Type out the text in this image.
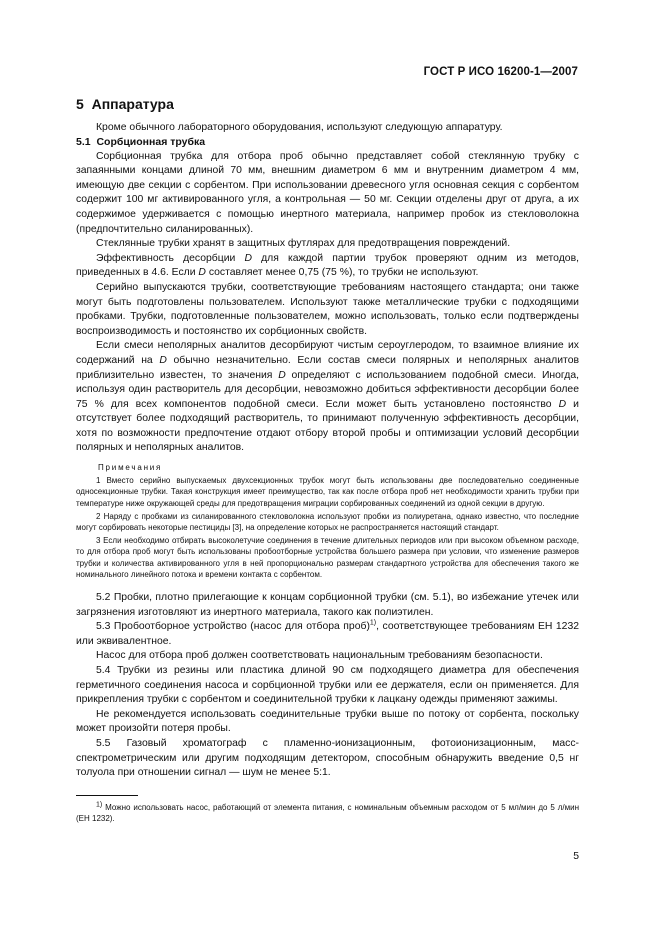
ГОСТ Р ИСО 16200-1—2007
5 Аппаратура

Кроме обычного лабораторного оборудования, используют следующую аппаратуру.

5.1 Сорбционная трубка

Сорбционная трубка для отбора проб обычно представляет собой стеклянную трубку с запаянными концами длиной 70 мм, внешним диаметром 6 мм и внутренним диаметром 4 мм, имеющую две секции с сорбентом. При использовании древесного угля основная секция с сорбентом содержит 100 мг активированного угля, а контрольная — 50 мг. Секции отделены друг от друга, а их содержимое удерживается с помощью инертного материала, например пробок из стекловолокна (предпочтительно силанированных).

Стеклянные трубки хранят в защитных футлярах для предотвращения повреждений.

Эффективность десорбции D для каждой партии трубок проверяют одним из методов, приведенных в 4.6. Если D составляет менее 0,75 (75 %), то трубки не используют.

Серийно выпускаются трубки, соответствующие требованиям настоящего стандарта; они также могут быть подготовлены пользователем. Используют также металлические трубки с подходящими пробками. Трубки, подготовленные пользователем, можно использовать, только если подтверждены воспроизводимость и постоянство их сорбционных свойств.

Если смеси неполярных аналитов десорбируют чистым сероуглеродом, то взаимное влияние их содержаний на D обычно незначительно. Если состав смеси полярных и неполярных аналитов приблизительно известен, то значения D определяют с использованием подобной смеси. Иногда, используя один растворитель для десорбции, невозможно добиться эффективности десорбции более 75 % для всех компонентов подобной смеси. Если может быть установлено постоянство D и отсутствует более подходящий растворитель, то принимают полученную эффективность десорбции, хотя по возможности предпочтение отдают отбору второй пробы и оптимизации условий десорбции полярных и неполярных аналитов.

Примечания

1 Вместо серийно выпускаемых двухсекционных трубок могут быть использованы две последовательно соединенные односекционные трубки. Такая конструкция имеет преимущество, так как после отбора проб нет необходимости хранить трубки при температуре ниже окружающей среды для предотвращения миграции сорбированных соединений из одной секции в другую.

2 Наряду с пробками из силанированного стекловолокна используют пробки из полиуретана, однако известно, что последние могут сорбировать некоторые пестициды [3], на определение которых не распространяется настоящий стандарт.

3 Если необходимо отбирать высоколетучие соединения в течение длительных периодов или при высоком объемном расходе, то для отбора проб могут быть использованы пробоотборные устройства большего размера при условии, что изменение размеров трубки и количества активированного угля в ней пропорционально размерам стандартного устройства для обеспечения такого же номинального линейного потока и времени контакта с сорбентом.

5.2 Пробки, плотно прилегающие к концам сорбционной трубки (см. 5.1), во избежание утечек или загрязнения изготовляют из инертного материала, такого как полиэтилен.

5.3 Пробоотборное устройство (насос для отбора проб)$^{1)}$, соответствующее требованиям ЕН 1232 или эквивалентное.

Насос для отбора проб должен соответствовать национальным требованиям безопасности.

5.4 Трубки из резины или пластика длиной 90 см подходящего диаметра для обеспечения герметичного соединения насоса и сорбционной трубки или ее держателя, если он применяется. Для прикрепления трубки с сорбентом и соединительной трубки к лацкану одежды применяют зажимы.

Не рекомендуется использовать соединительные трубки выше по потоку от сорбента, поскольку может произойти потеря пробы.

5.5 Газовый хроматограф с пламенно-ионизационным, фотоионизационным, масс-спектрометрическим или другим подходящим детектором, способным обнаружить введение 0,5 нг толуола при отношении сигнал — шум не менее 5:1.

1) Можно использовать насос, работающий от элемента питания, с номинальным объемным расходом от 5 мл/мин до 5 л/мин (ЕН 1232).

5
